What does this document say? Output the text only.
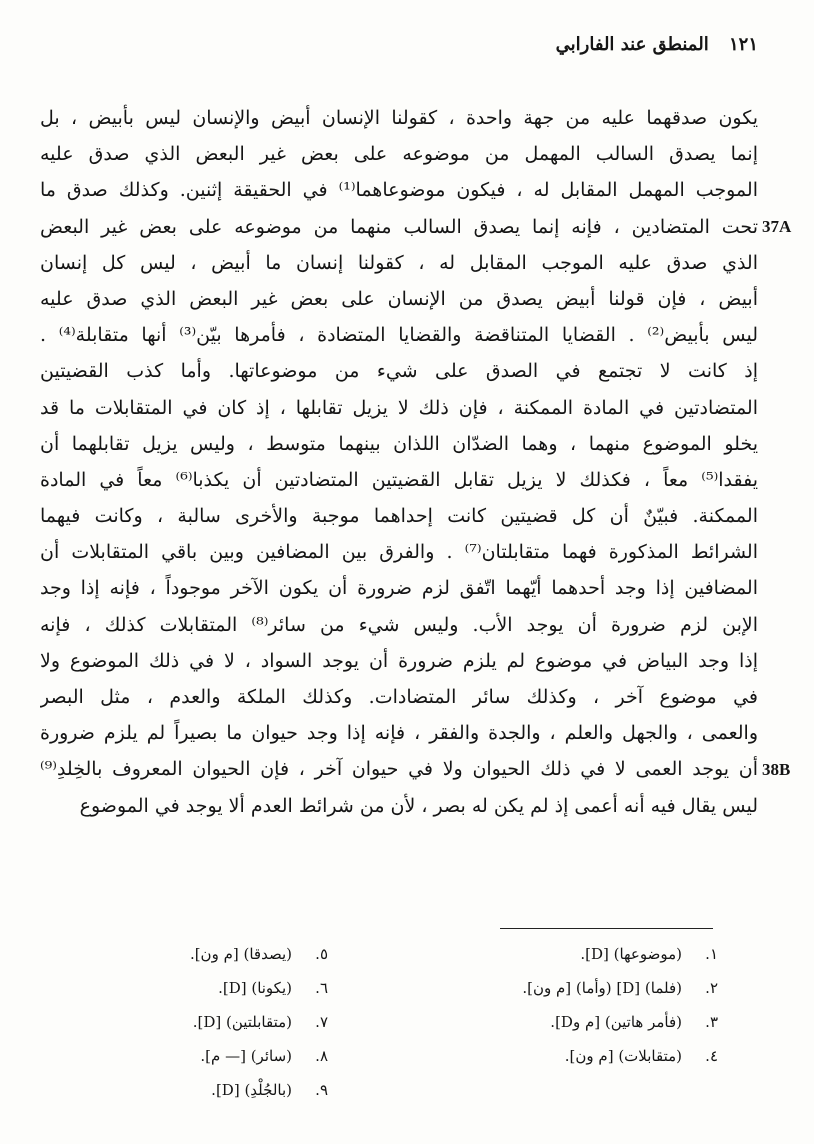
١٢١ المنطق عند الفارابي
يكون صدقهما عليه من جهة واحدة ، كقولنا الإنسان أبيض والإنسان ليس بأبيض ، بل
إنما يصدق السالب المهمل من موضوعه على بعض غير البعض الذي صدق عليه
الموجب المهمل المقابل له ، فيكون موضوعاهما⁽¹⁾ في الحقيقة إثنين. وكذلك صدق ما
تحت المتضادين ، فإنه إنما يصدق السالب منهما من موضوعه على بعض غير البعض
الذي صدق عليه الموجب المقابل له ، كقولنا إنسان ما أبيض ، ليس كل إنسان
أبيض ، فإن قولنا أبيض يصدق من الإنسان على بعض غير البعض الذي صدق عليه
ليس بأبيض⁽²⁾ . القضايا المتناقضة والقضايا المتضادة ، فأمرها بيّن⁽³⁾ أنها متقابلة⁽⁴⁾ .
إذ كانت لا تجتمع في الصدق على شيء من موضوعاتها. وأما كذب القضيتين
المتضادتين في المادة الممكنة ، فإن ذلك لا يزيل تقابلها ، إذ كان في المتقابلات ما قد
يخلو الموضوع منهما ، وهما الضدّان اللذان بينهما متوسط ، وليس يزيل تقابلهما أن
يفقدا⁽⁵⁾ معاً ، فكذلك لا يزيل تقابل القضيتين المتضادتين أن يكذبا⁽⁶⁾ معاً في المادة
الممكنة. فبيّنٌ أن كل قضيتين كانت إحداهما موجبة والأخرى سالبة ، وكانت فيهما
الشرائط المذكورة فهما متقابلتان⁽⁷⁾ . والفرق بين المضافين وبين باقي المتقابلات أن
المضافين إذا وجد أحدهما أيّهما اتّفق لزم ضرورة أن يكون الآخر موجوداً ، فإنه إذا وجد
الإبن لزم ضرورة أن يوجد الأب. وليس شيء من سائر⁽⁸⁾ المتقابلات كذلك ، فإنه
إذا وجد البياض في موضوع لم يلزم ضرورة أن يوجد السواد ، لا في ذلك الموضوع ولا
في موضوع آخر ، وكذلك سائر المتضادات. وكذلك الملكة والعدم ، مثل البصر
والعمى ، والجهل والعلم ، والجدة والفقر ، فإنه إذا وجد حيوان ما بصيراً لم يلزم ضرورة
أن يوجد العمى لا في ذلك الحيوان ولا في حيوان آخر ، فإن الحيوان المعروف بالخِلدِ⁽⁹⁾
ليس يقال فيه أنه أعمى إذ لم يكن له بصر ، لأن من شرائط العدم ألا يوجد في الموضوع
37A
38B
١.(موضوعها) [D].
٢.(فلما) [D] (وأما) [م ون].
٣.(فأمر هاتين) [م وD].
٤.(متقابلات) [م ون].
٥.(يصدقا) [م ون].
٦.(يكونا) [D].
٧.(متقابلتين) [D].
٨.(سائر) [— م].
٩.(بالجُلْدِ) [D].
